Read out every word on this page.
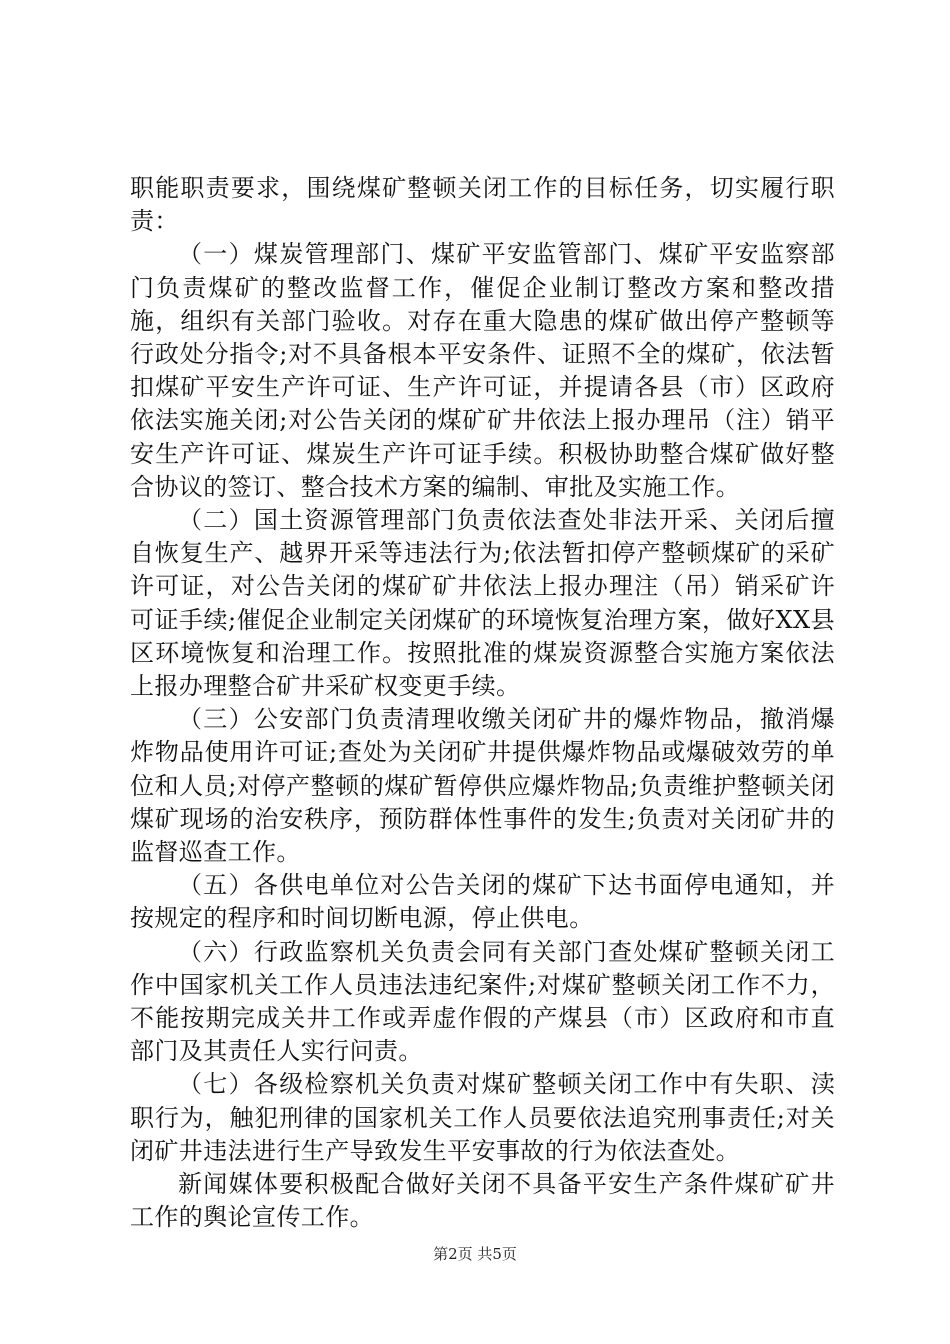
职能职责要求，围绕煤矿整顿关闭工作的目标任务，切实履行职责：

（一）煤炭管理部门、煤矿平安监管部门、煤矿平安监察部门负责煤矿的整改监督工作，催促企业制订整改方案和整改措施，组织有关部门验收。对存在重大隐患的煤矿做出停产整顿等行政处分指令;对不具备根本平安条件、证照不全的煤矿，依法暂扣煤矿平安生产许可证、生产许可证，并提请各县（市）区政府依法实施关闭;对公告关闭的煤矿矿井依法上报办理吊（注）销平安生产许可证、煤炭生产许可证手续。积极协助整合煤矿做好整合协议的签订、整合技术方案的编制、审批及实施工作。

（二）国土资源管理部门负责依法查处非法开采、关闭后擅自恢复生产、越界开采等违法行为;依法暂扣停产整顿煤矿的采矿许可证，对公告关闭的煤矿矿井依法上报办理注（吊）销采矿许可证手续;催促企业制定关闭煤矿的环境恢复治理方案，做好XX县区环境恢复和治理工作。按照批准的煤炭资源整合实施方案依法上报办理整合矿井采矿权变更手续。

（三）公安部门负责清理收缴关闭矿井的爆炸物品，撤消爆炸物品使用许可证;查处为关闭矿井提供爆炸物品或爆破效劳的单位和人员;对停产整顿的煤矿暂停供应爆炸物品;负责维护整顿关闭煤矿现场的治安秩序，预防群体性事件的发生;负责对关闭矿井的监督巡查工作。

（五）各供电单位对公告关闭的煤矿下达书面停电通知，并按规定的程序和时间切断电源，停止供电。

（六）行政监察机关负责会同有关部门查处煤矿整顿关闭工作中国家机关工作人员违法违纪案件;对煤矿整顿关闭工作不力，不能按期完成关井工作或弄虚作假的产煤县（市）区政府和市直部门及其责任人实行问责。

（七）各级检察机关负责对煤矿整顿关闭工作中有失职、渎职行为，触犯刑律的国家机关工作人员要依法追究刑事责任;对关闭矿井违法进行生产导致发生平安事故的行为依法查处。

新闻媒体要积极配合做好关闭不具备平安生产条件煤矿矿井工作的舆论宣传工作。

第2页 共5页
